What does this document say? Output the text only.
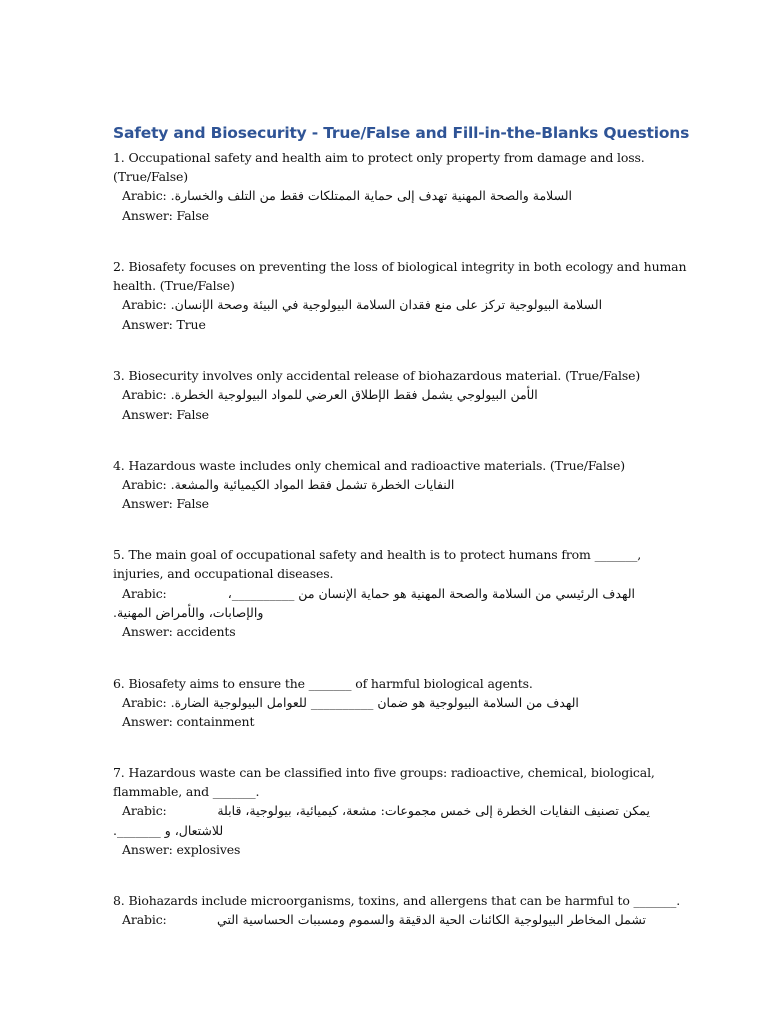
Safety and Biosecurity - True/False and Fill-in-the-Blanks Questions
1. Occupational safety and health aim to protect only property from damage and loss.
(True/False)
Arabic: السلامة والصحة المهنية تهدف إلى حماية الممتلكات فقط من التلف والخسارة.
Answer: False
2. Biosafety focuses on preventing the loss of biological integrity in both ecology and human
health. (True/False)
Arabic: السلامة البيولوجية تركز على منع فقدان السلامة البيولوجية في البيئة وصحة الإنسان.
Answer: True
3. Biosecurity involves only accidental release of biohazardous material. (True/False)
Arabic: الأمن البيولوجي يشمل فقط الإطلاق العرضي للمواد البيولوجية الخطرة.
Answer: False
4. Hazardous waste includes only chemical and radioactive materials. (True/False)
Arabic: النفايات الخطرة تشمل فقط المواد الكيميائية والمشعة.
Answer: False
5. The main goal of occupational safety and health is to protect humans from _______,
injuries, and occupational diseases.
Arabic:	الهدف الرئيسي من السلامة والصحة المهنية هو حماية الإنسان من __________،
والإصابات، والأمراض المهنية.
Answer: accidents
6. Biosafety aims to ensure the _______ of harmful biological agents.
Arabic: الهدف من السلامة البيولوجية هو ضمان __________ للعوامل البيولوجية الضارة.
Answer: containment
7. Hazardous waste can be classified into five groups: radioactive, chemical, biological,
flammable, and _______.
Arabic:	يمكن تصنيف النفايات الخطرة إلى خمس مجموعات: مشعة، كيميائية، بيولوجية، قابلة
للاشتعال، و _______.
Answer: explosives
8. Biohazards include microorganisms, toxins, and allergens that can be harmful to _______.
Arabic:	تشمل المخاطر البيولوجية الكائنات الحية الدقيقة والسموم ومسببات الحساسية التي
